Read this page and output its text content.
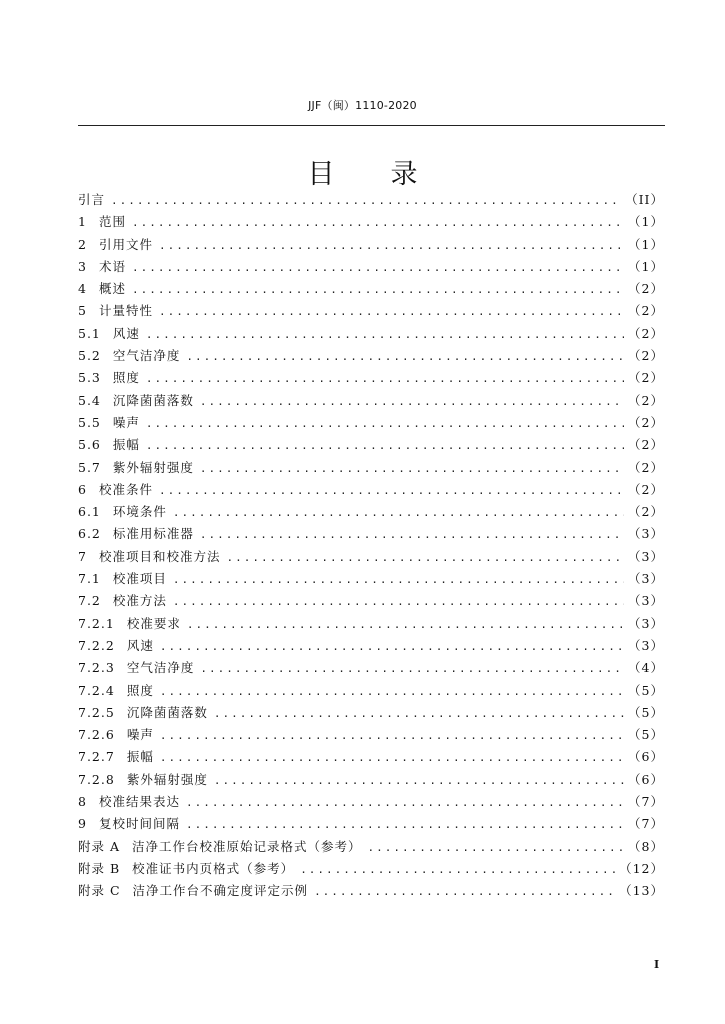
JJF（闽）1110-2020
目录
引言 .....	（II）
1 范围 .....	（1）
2 引用文件 .....	（1）
3 术语 .....	（1）
4 概述 .....	（2）
5 计量特性 .....	（2）
5.1 风速 .....	（2）
5.2 空气洁净度 .....	（2）
5.3 照度 .....	（2）
5.4 沉降菌菌落数 .....	（2）
5.5 噪声 .....	（2）
5.6 振幅 .....	（2）
5.7 紫外辐射强度 .....	（2）
6 校准条件 .....	（2）
6.1 环境条件 .....	（2）
6.2 标准用标准器 .....	（3）
7 校准项目和校准方法 .....	（3）
7.1 校准项目 .....	（3）
7.2 校准方法 .....	（3）
7.2.1 校准要求 .....	（3）
7.2.2 风速 .....	（3）
7.2.3 空气洁净度 .....	（4）
7.2.4 照度 .....	（5）
7.2.5 沉降菌菌落数 .....	（5）
7.2.6 噪声 .....	（5）
7.2.7 振幅 .....	（6）
7.2.8 紫外辐射强度 .....	（6）
8 校准结果表达 .....	（7）
9 复校时间间隔 .....	（7）
附录 A 洁净工作台校准原始记录格式（参考） .....	（8）
附录 B 校准证书内页格式（参考） .....	（12）
附录 C 洁净工作台不确定度评定示例 .....	（13）
I
